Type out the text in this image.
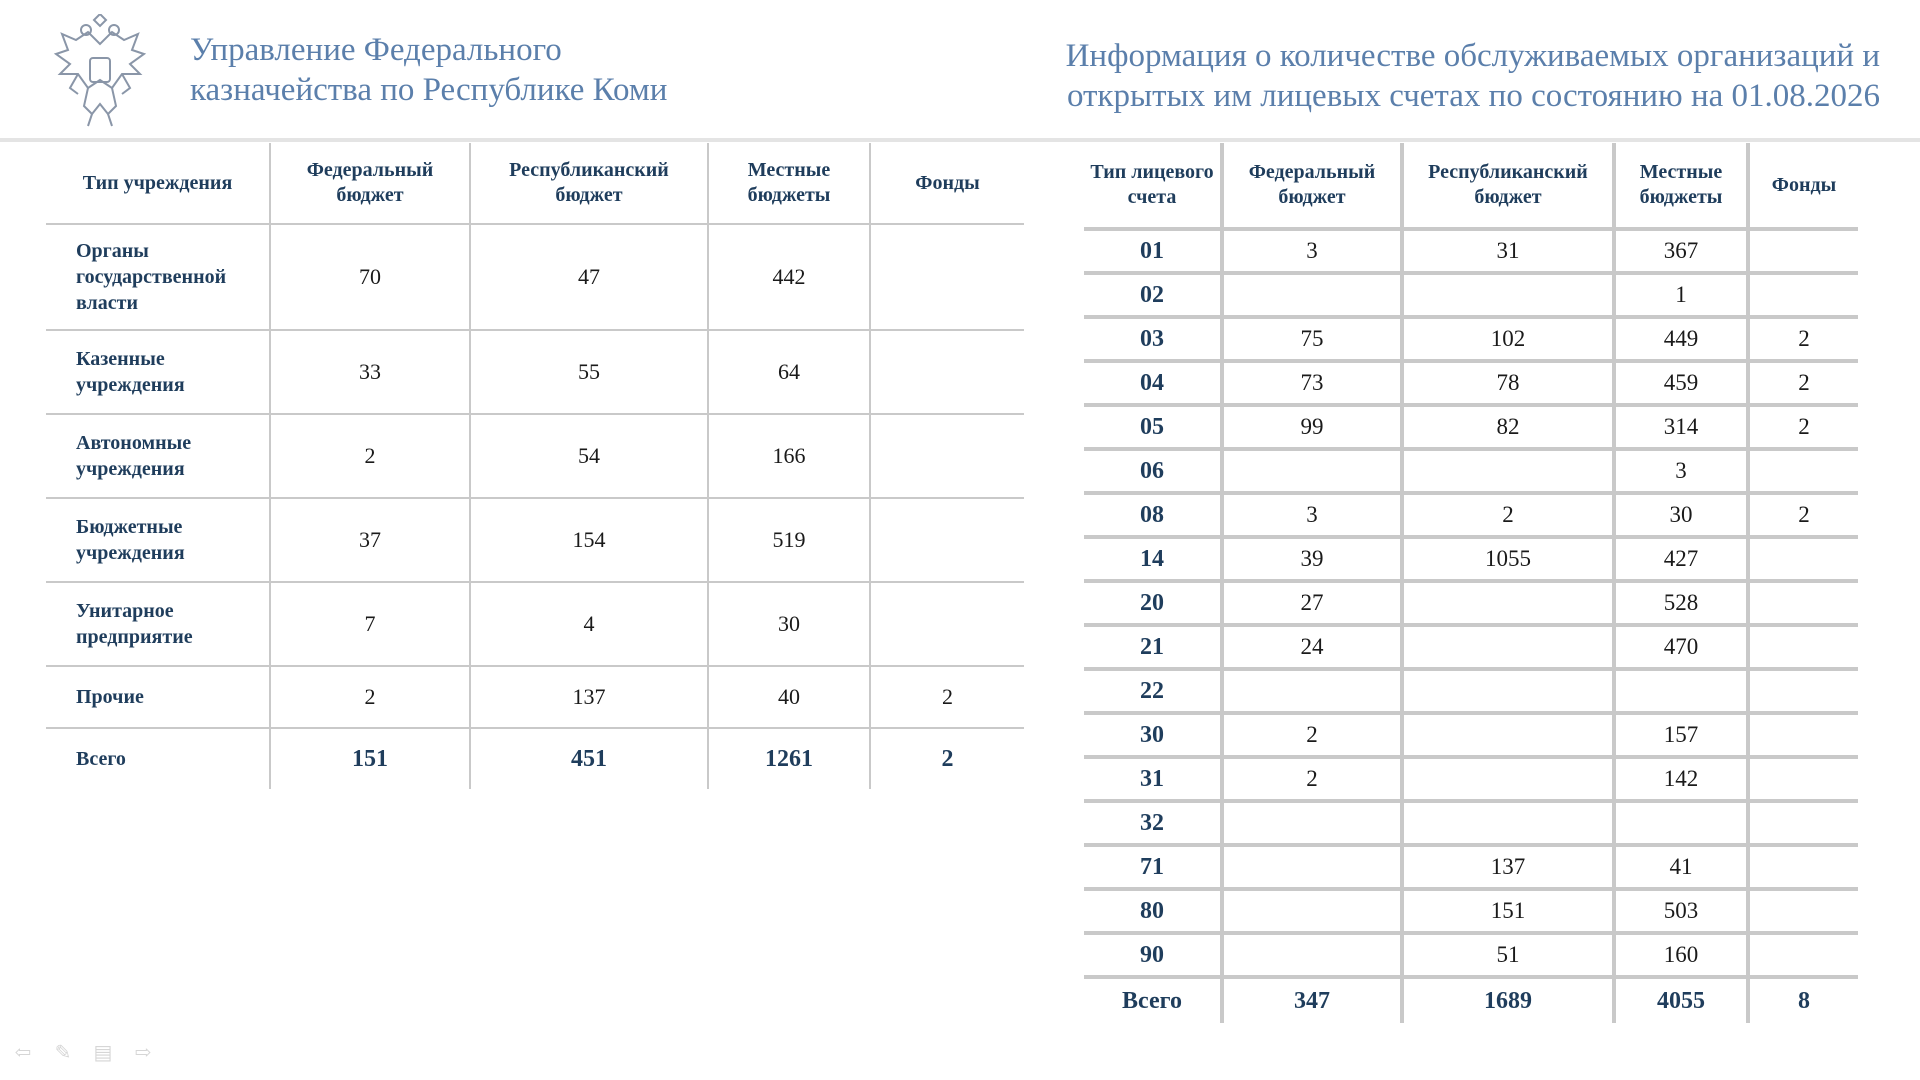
Управление Федерального
казначейства по Республике Коми
Информация о количестве обслуживаемых организаций и
открытых им лицевых счетах по состоянию на 01.08.2026
Тип учреждения	Федеральный бюджет	Республиканский бюджет	Местные бюджеты	Фонды
Органы государственной власти	70	47	442	
Казенные учреждения	33	55	64	
Автономные учреждения	2	54	166	
Бюджетные учреждения	37	154	519	
Унитарное предприятие	7	4	30	
Прочие	2	137	40	2
Всего	151	451	1261	2
Тип лицевого счета	Федеральный бюджет	Республиканский бюджет	Местные бюджеты	Фонды
01	3	31	367	
02			1	
03	75	102	449	2
04	73	78	459	2
05	99	82	314	2
06			3	
08	3	2	30	2
14	39	1055	427	
20	27		528	
21	24		470	
22				
30	2		157	
31	2		142	
32				
71		137	41	
80		151	503	
90		51	160	
Всего	347	1689	4055	8
⇦ ✎ ▤ ⇨
